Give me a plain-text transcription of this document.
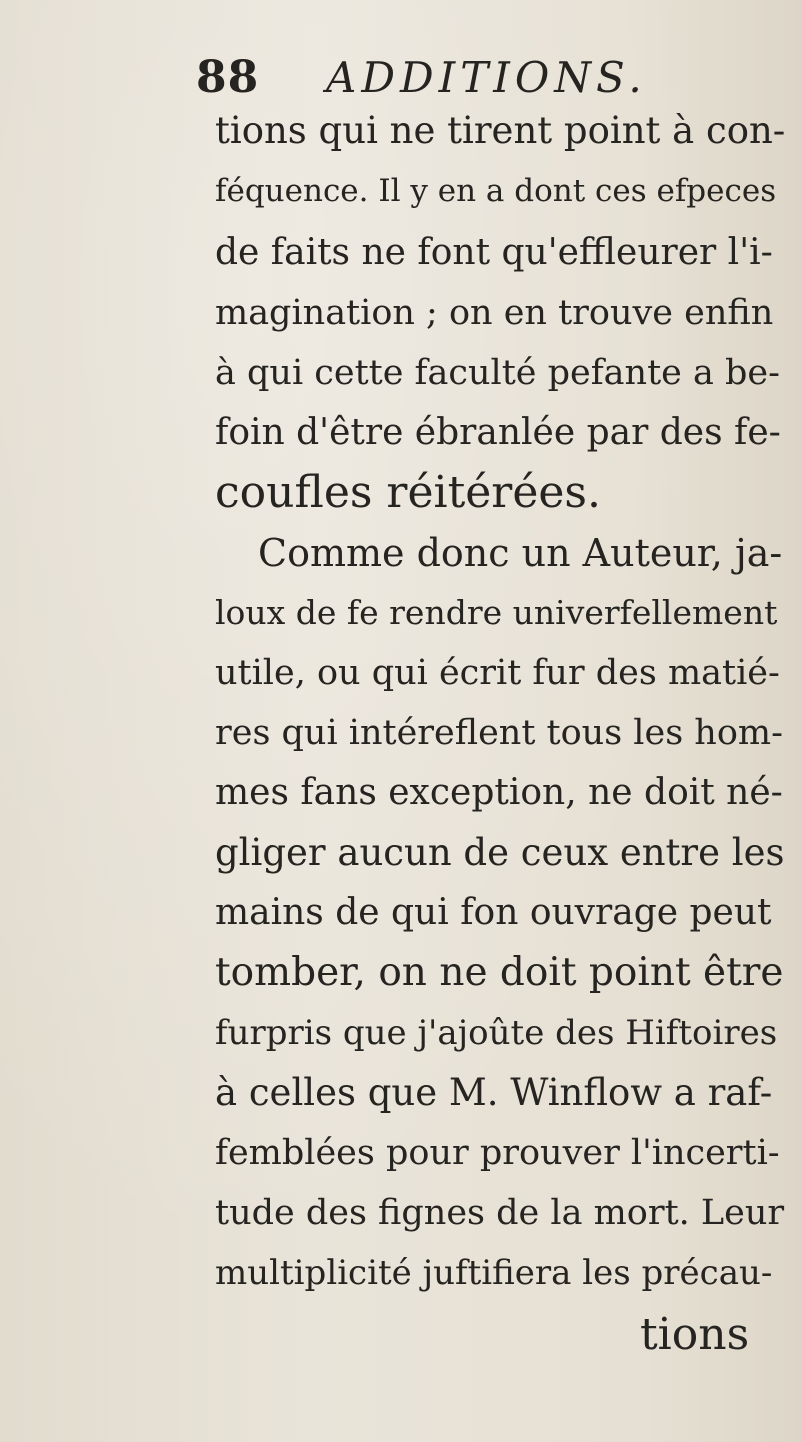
88 ADDITIONS.
tions qui ne tirent point à con-
féquence. Il y en a dont ces efpeces
de faits ne font qu'effleurer l'i-
magination ; on en trouve enfin
à qui cette faculté pefante a be-
foin d'être ébranlée par des fe-
coufles réitérées.
Comme donc un Auteur, ja-
loux de fe rendre univerfellement
utile, ou qui écrit fur des matié-
res qui intéreflent tous les hom-
mes fans exception, ne doit né-
gliger aucun de ceux entre les
mains de qui fon ouvrage peut
tomber, on ne doit point être
furpris que j'ajoûte des Hiftoires
à celles que M. Winflow a raf-
femblées pour prouver l'incerti-
tude des fignes de la mort. Leur
multiplicité juftifiera les précau-
tions
